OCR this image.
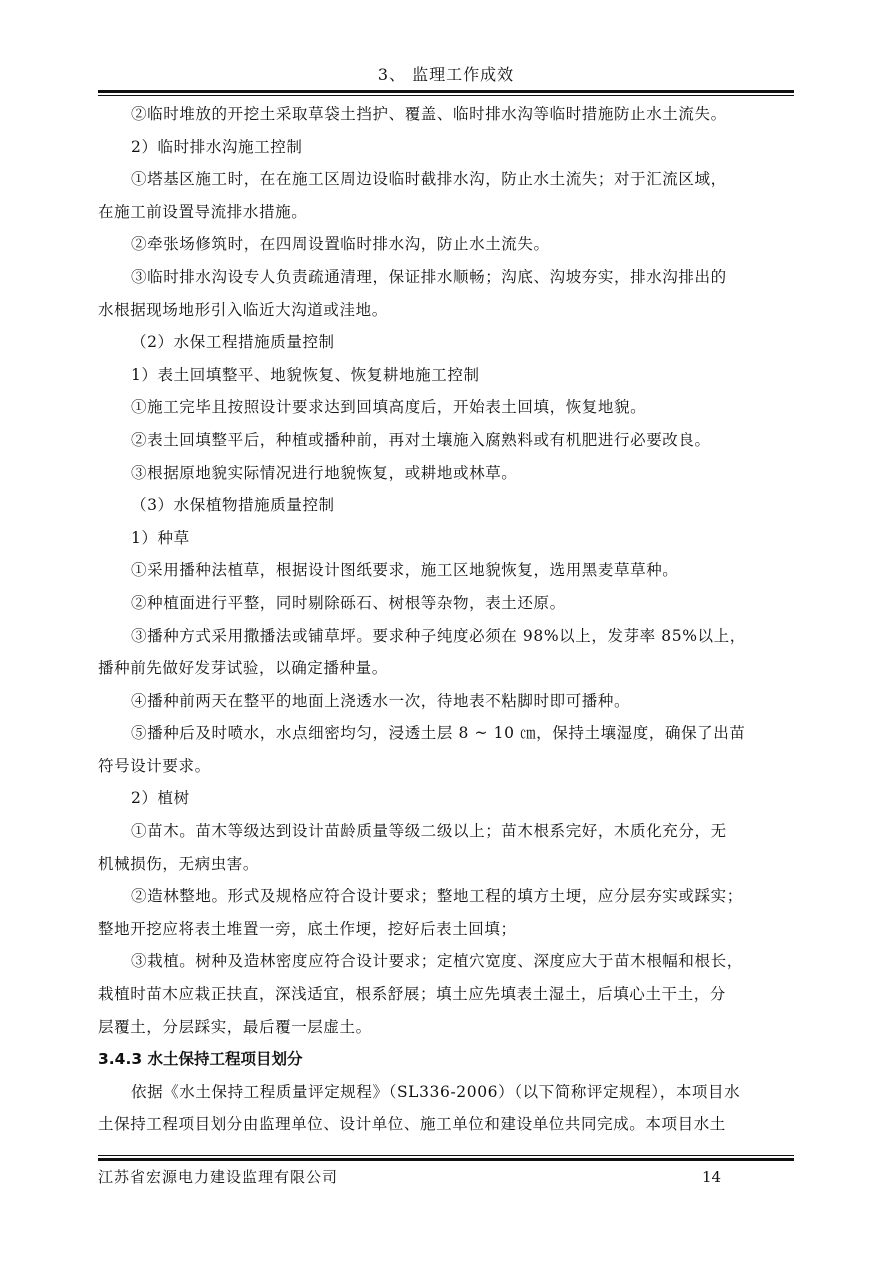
3、 监理工作成效
②临时堆放的开挖土采取草袋土挡护、覆盖、临时排水沟等临时措施防止水土流失。
2）临时排水沟施工控制
①塔基区施工时，在在施工区周边设临时截排水沟，防止水土流失；对于汇流区域，
在施工前设置导流排水措施。
②牵张场修筑时，在四周设置临时排水沟，防止水土流失。
③临时排水沟设专人负责疏通清理，保证排水顺畅；沟底、沟坡夯实，排水沟排出的
水根据现场地形引入临近大沟道或洼地。
（2）水保工程措施质量控制
1）表土回填整平、地貌恢复、恢复耕地施工控制
①施工完毕且按照设计要求达到回填高度后，开始表土回填，恢复地貌。
②表土回填整平后，种植或播种前，再对土壤施入腐熟料或有机肥进行必要改良。
③根据原地貌实际情况进行地貌恢复，或耕地或林草。
（3）水保植物措施质量控制
1）种草
①采用播种法植草，根据设计图纸要求，施工区地貌恢复，选用黑麦草草种。
②种植面进行平整，同时剔除砾石、树根等杂物，表土还原。
③播种方式采用撒播法或铺草坪。要求种子纯度必须在 98%以上，发芽率 85%以上，
播种前先做好发芽试验，以确定播种量。
④播种前两天在整平的地面上浇透水一次，待地表不粘脚时即可播种。
⑤播种后及时喷水，水点细密均匀，浸透土层 8 ~ 10 ㎝，保持土壤湿度，确保了出苗
符号设计要求。
2）植树
①苗木。苗木等级达到设计苗龄质量等级二级以上；苗木根系完好，木质化充分，无
机械损伤，无病虫害。
②造林整地。形式及规格应符合设计要求；整地工程的填方土埂，应分层夯实或踩实；
整地开挖应将表土堆置一旁，底土作埂，挖好后表土回填；
③栽植。树种及造林密度应符合设计要求；定植穴宽度、深度应大于苗木根幅和根长，
栽植时苗木应栽正扶直，深浅适宜，根系舒展；填土应先填表土湿土，后填心土干土，分
层覆土，分层踩实，最后覆一层虚土。
3.4.3 水土保持工程项目划分
依据《水土保持工程质量评定规程》（SL336-2006）（以下简称评定规程），本项目水
土保持工程项目划分由监理单位、设计单位、施工单位和建设单位共同完成。本项目水土
江苏省宏源电力建设监理有限公司	14
